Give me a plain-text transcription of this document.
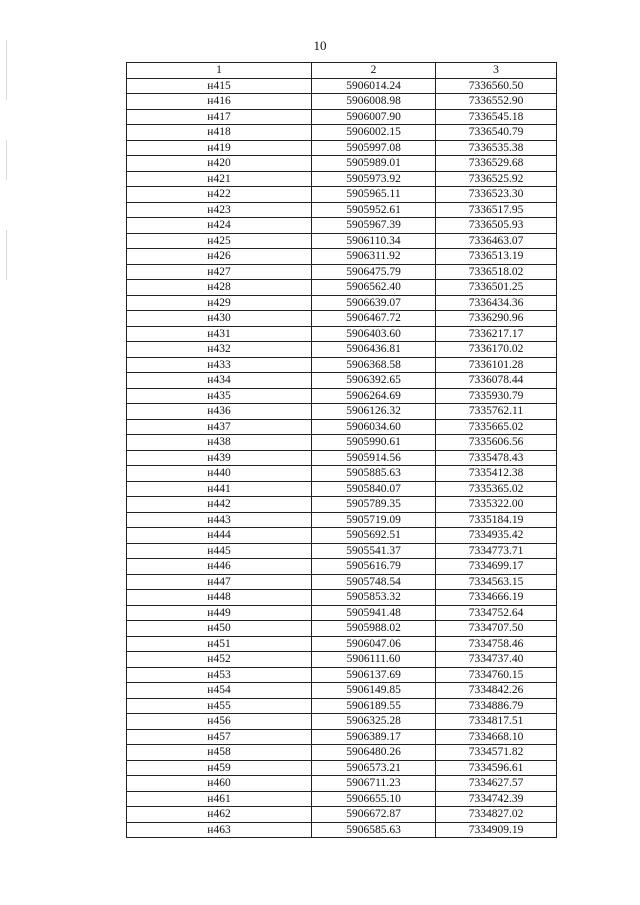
10
1	2	3
н415	5906014.24	7336560.50
н416	5906008.98	7336552.90
н417	5906007.90	7336545.18
н418	5906002.15	7336540.79
н419	5905997.08	7336535.38
н420	5905989.01	7336529.68
н421	5905973.92	7336525.92
н422	5905965.11	7336523.30
н423	5905952.61	7336517.95
н424	5905967.39	7336505.93
н425	5906110.34	7336463.07
н426	5906311.92	7336513.19
н427	5906475.79	7336518.02
н428	5906562.40	7336501.25
н429	5906639.07	7336434.36
н430	5906467.72	7336290.96
н431	5906403.60	7336217.17
н432	5906436.81	7336170.02
н433	5906368.58	7336101.28
н434	5906392.65	7336078.44
н435	5906264.69	7335930.79
н436	5906126.32	7335762.11
н437	5906034.60	7335665.02
н438	5905990.61	7335606.56
н439	5905914.56	7335478.43
н440	5905885.63	7335412.38
н441	5905840.07	7335365.02
н442	5905789.35	7335322.00
н443	5905719.09	7335184.19
н444	5905692.51	7334935.42
н445	5905541.37	7334773.71
н446	5905616.79	7334699.17
н447	5905748.54	7334563.15
н448	5905853.32	7334666.19
н449	5905941.48	7334752.64
н450	5905988.02	7334707.50
н451	5906047.06	7334758.46
н452	5906111.60	7334737.40
н453	5906137.69	7334760.15
н454	5906149.85	7334842.26
н455	5906189.55	7334886.79
н456	5906325.28	7334817.51
н457	5906389.17	7334668.10
н458	5906480.26	7334571.82
н459	5906573.21	7334596.61
н460	5906711.23	7334627.57
н461	5906655.10	7334742.39
н462	5906672.87	7334827.02
н463	5906585.63	7334909.19
